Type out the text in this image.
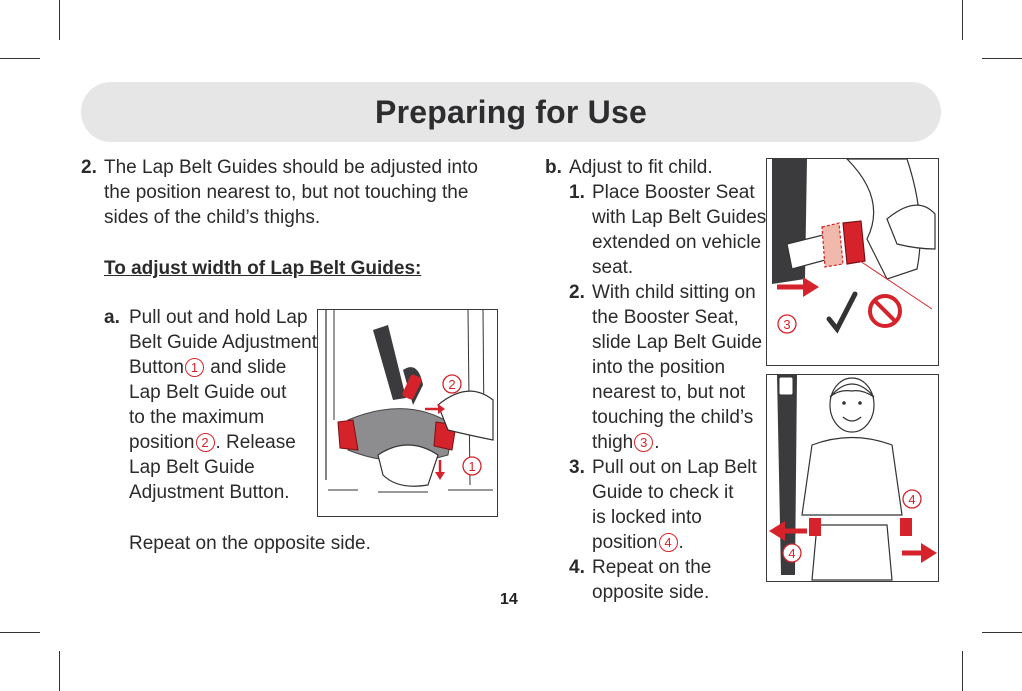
Preparing for Use
2. The Lap Belt Guides should be adjusted into
the position nearest to, but not touching the
sides of the child’s thighs.
To adjust width of Lap Belt Guides:
a. Pull out and hold Lap
Belt Guide Adjustment
Button 1 and slide
Lap Belt Guide out
to the maximum
position 2 . Release
Lap Belt Guide
Adjustment Button.
Repeat on the opposite side.
2
1
b. Adjust to fit child.
1. Place Booster Seat
with Lap Belt Guides
extended on vehicle
seat.
2. With child sitting on
the Booster Seat,
slide Lap Belt Guide
into the position
nearest to, but not
touching the child’s
thigh 3 .
3. Pull out on Lap Belt
Guide to check it
is locked into
position 4 .
4. Repeat on the
opposite side.
3
4
4
14
